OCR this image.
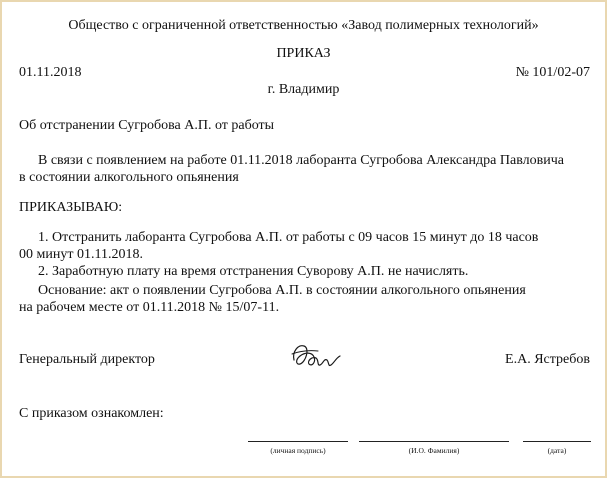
Общество с ограниченной ответственностью «Завод полимерных технологий»
ПРИКАЗ
01.11.2018	№ 101/02-07
г. Владимир
Об отстранении Сугробова А.П. от работы
В связи с появлением на работе 01.11.2018 лаборанта Сугробова Александра Павловича
в состоянии алкогольного опьянения
ПРИКАЗЫВАЮ:
1. Отстранить лаборанта Сугробова А.П. от работы с 09 часов 15 минут до 18 часов
00 минут 01.11.2018.
2. Заработную плату на время отстранения Суворову А.П. не начислять.
Основание: акт о появлении Сугробова А.П. в состоянии алкогольного опьянения
на рабочем месте от 01.11.2018 № 15/07-11.
Генеральный директор	Е.А. Ястребов
С приказом ознакомлен:
(личная подпись)	(И.О. Фамилия)	(дата)
